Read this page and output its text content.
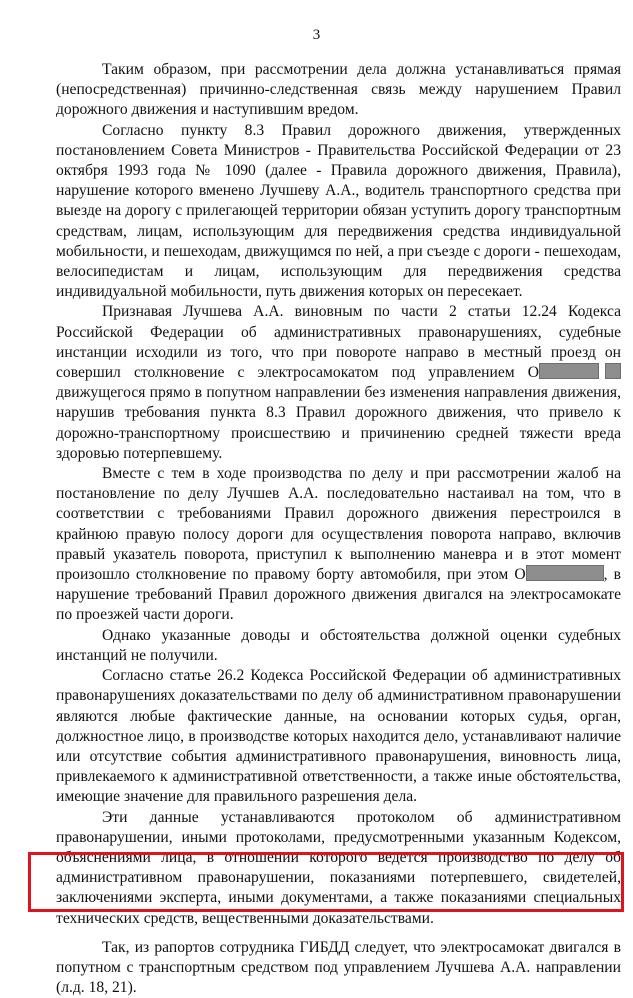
3

Таким образом, при рассмотрении дела должна устанавливаться прямая (непосредственная) причинно-следственная связь между нарушением Правил дорожного движения и наступившим вредом.

Согласно пункту 8.3 Правил дорожного движения, утвержденных постановлением Совета Министров - Правительства Российской Федерации от 23 октября 1993 года № 1090 (далее - Правила дорожного движения, Правила), нарушение которого вменено Лучшеву А.А., водитель транспортного средства при выезде на дорогу с прилегающей территории обязан уступить дорогу транспортным средствам, лицам, использующим для передвижения средства индивидуальной мобильности, и пешеходам, движущимся по ней, а при съезде с дороги - пешеходам, велосипедистам и лицам, использующим для передвижения средства индивидуальной мобильности, путь движения которых он пересекает.

Признавая Лучшева А.А. виновным по части 2 статьи 12.24 Кодекса Российской Федерации об административных правонарушениях, судебные инстанции исходили из того, что при повороте направо в местный проезд он совершил столкновение с электросамокатом под управлением О движущегося прямо в попутном направлении без изменения направления движения, нарушив требования пункта 8.3 Правил дорожного движения, что привело к дорожно-транспортному происшествию и причинению средней тяжести вреда здоровью потерпевшему.

Вместе с тем в ходе производства по делу и при рассмотрении жалоб на постановление по делу Лучшев А.А. последовательно настаивал на том, что в соответствии с требованиями Правил дорожного движения перестроился в крайнюю правую полосу дороги для осуществления поворота направо, включив правый указатель поворота, приступил к выполнению маневра и в этот момент произошло столкновение по правому борту автомобиля, при этом О	, в нарушение требований Правил дорожного движения двигался на электросамокате по проезжей части дороги.

Однако указанные доводы и обстоятельства должной оценки судебных инстанций не получили.

Согласно статье 26.2 Кодекса Российской Федерации об административных правонарушениях доказательствами по делу об административном правонарушении являются любые фактические данные, на основании которых судья, орган, должностное лицо, в производстве которых находится дело, устанавливают наличие или отсутствие события административного правонарушения, виновность лица, привлекаемого к административной ответственности, а также иные обстоятельства, имеющие значение для правильного разрешения дела.

Эти данные устанавливаются протоколом об административном правонарушении, иными протоколами, предусмотренными указанным Кодексом, объяснениями лица, в отношении которого ведется производство по делу об административном правонарушении, показаниями потерпевшего, свидетелей, заключениями эксперта, иными документами, а также показаниями специальных технических средств, вещественными доказательствами.

Так, из рапортов сотрудника ГИБДД следует, что электросамокат двигался в попутном с транспортным средством под управлением Лучшева А.А. направлении (л.д. 18, 21).
